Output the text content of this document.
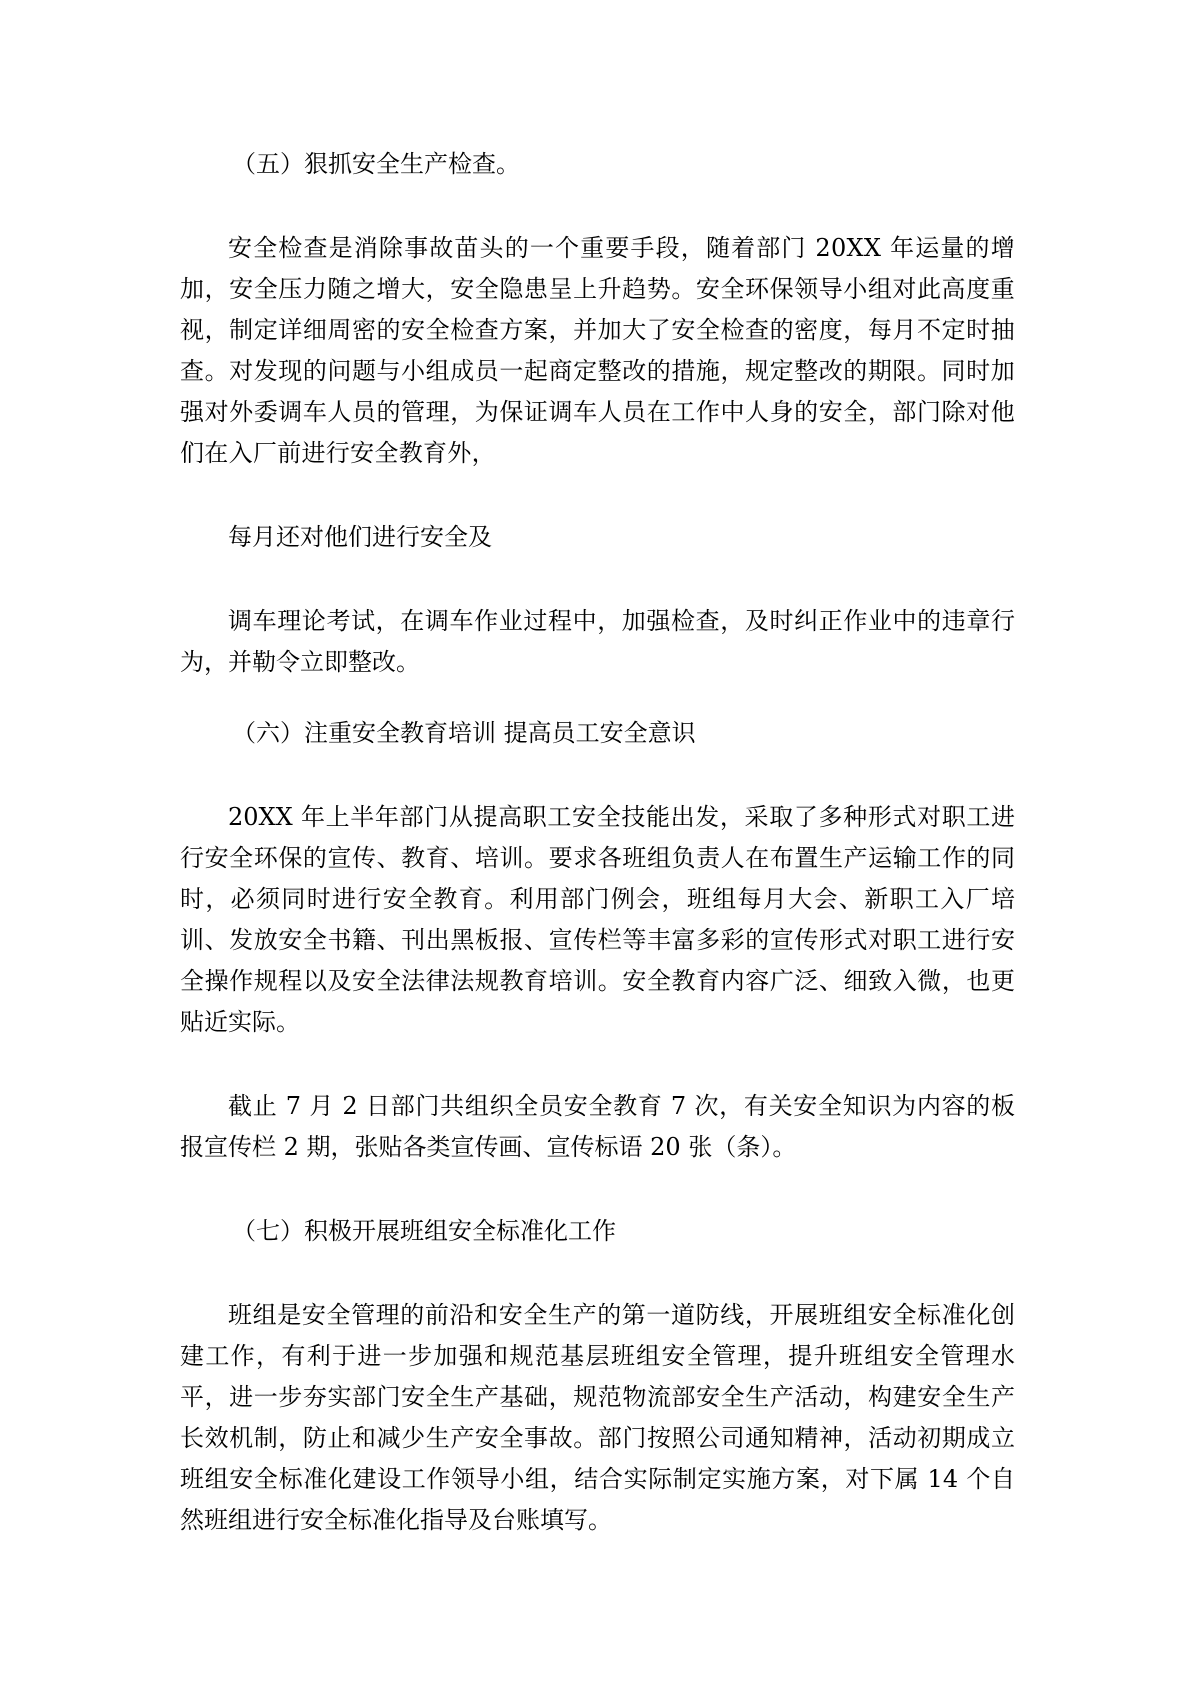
（五）狠抓安全生产检查。

安全检查是消除事故苗头的一个重要手段，随着部门 20XX 年运量的增加，安全压力随之增大，安全隐患呈上升趋势。安全环保领导小组对此高度重视，制定详细周密的安全检查方案，并加大了安全检查的密度，每月不定时抽查。对发现的问题与小组成员一起商定整改的措施，规定整改的期限。同时加强对外委调车人员的管理，为保证调车人员在工作中人身的安全，部门除对他们在入厂前进行安全教育外，

每月还对他们进行安全及

调车理论考试，在调车作业过程中，加强检查，及时纠正作业中的违章行为，并勒令立即整改。

（六）注重安全教育培训 提高员工安全意识

20XX 年上半年部门从提高职工安全技能出发，采取了多种形式对职工进行安全环保的宣传、教育、培训。要求各班组负责人在布置生产运输工作的同时，必须同时进行安全教育。利用部门例会，班组每月大会、新职工入厂培训、发放安全书籍、刊出黑板报、宣传栏等丰富多彩的宣传形式对职工进行安全操作规程以及安全法律法规教育培训。安全教育内容广泛、细致入微，也更贴近实际。

截止 7 月 2 日部门共组织全员安全教育 7 次，有关安全知识为内容的板报宣传栏 2 期，张贴各类宣传画、宣传标语 20 张（条）。

（七）积极开展班组安全标准化工作

班组是安全管理的前沿和安全生产的第一道防线，开展班组安全标准化创建工作，有利于进一步加强和规范基层班组安全管理，提升班组安全管理水平，进一步夯实部门安全生产基础，规范物流部安全生产活动，构建安全生产长效机制，防止和减少生产安全事故。部门按照公司通知精神，活动初期成立班组安全标准化建设工作领导小组，结合实际制定实施方案，对下属 14 个自然班组进行安全标准化指导及台账填写。
